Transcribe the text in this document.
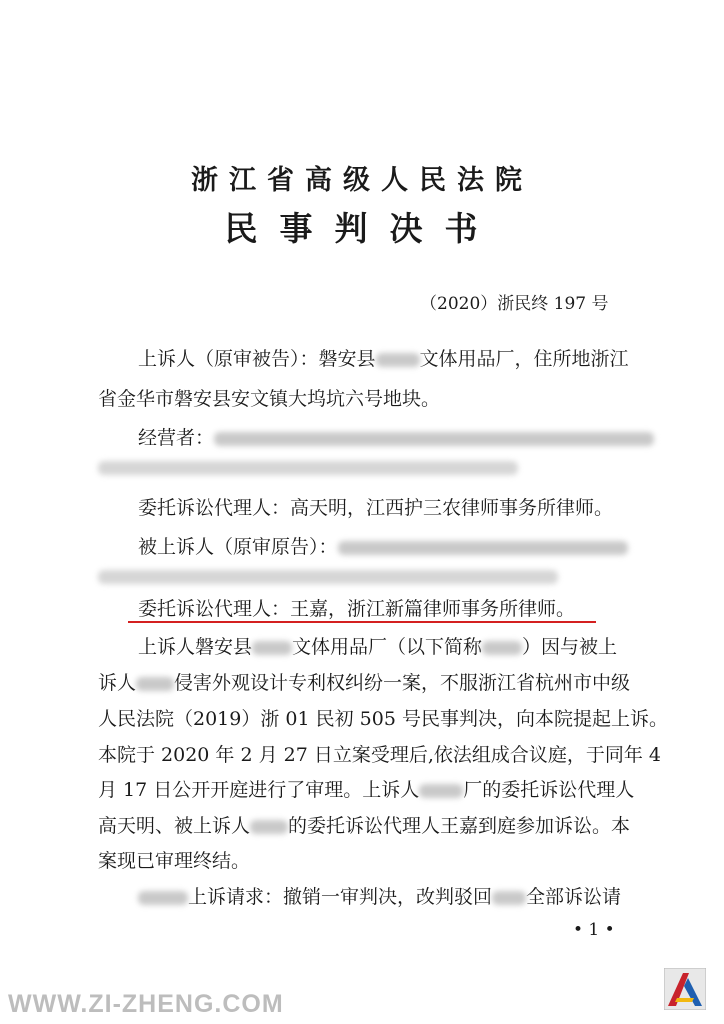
浙江省高级人民法院
民事判决书
（2020）浙民终 197 号
上诉人（原审被告）：磐安县 文体用品厂，住所地浙江
省金华市磐安县安文镇大坞坑六号地块。
经营者：
委托诉讼代理人：高天明，江西护三农律师事务所律师。
被上诉人（原审原告）：
委托诉讼代理人：王嘉，浙江新篇律师事务所律师。
上诉人磐安县 文体用品厂（以下简称 ）因与被上
诉人 侵害外观设计专利权纠纷一案，不服浙江省杭州市中级
人民法院（2019）浙 01 民初 505 号民事判决，向本院提起上诉。
本院于 2020 年 2 月 27 日立案受理后,依法组成合议庭，于同年 4
月 17 日公开开庭进行了审理。上诉人 厂的委托诉讼代理人
高天明、被上诉人 的委托诉讼代理人王嘉到庭参加诉讼。本
案现已审理终结。
上诉请求：撤销一审判决，改判驳回 全部诉讼请
• 1 •
WWW.ZI-ZHENG.COM
